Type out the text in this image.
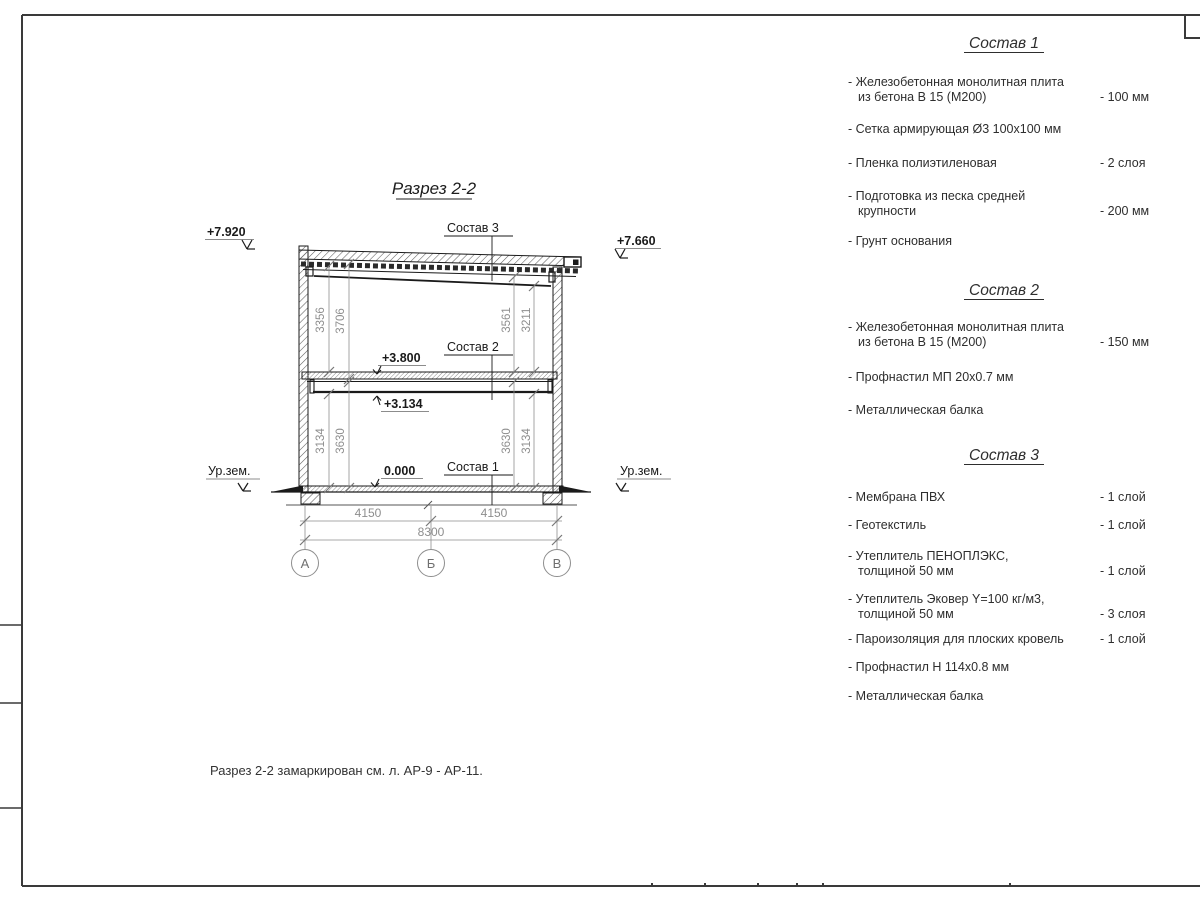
Разрез 2-2
3356 3706	3561 3211
3134 3630	3630 3134
4150	4150
8300
А	Б	В
+7.920
+7.660
+3.800
+3.134
0.000
Ур.зем.	Ур.зем.
Состав 3
Состав 2
Состав 1
Состав 1
- Железобетонная монолитная плита
из бетона В 15 (М200)	- 100 мм
- Сетка армирующая Ø3 100х100 мм
- Пленка полиэтиленовая	- 2 слоя
- Подготовка из песка средней
крупности	- 200 мм
- Грунт основания
Состав 2
- Железобетонная монолитная плита
из бетона В 15 (М200)	- 150 мм
- Профнастил МП 20х0.7 мм
- Металлическая балка
Состав 3
- Мембрана ПВХ	- 1 слой
- Геотекстиль	- 1 слой
- Утеплитель ПЕНОПЛЭКС,
толщиной 50 мм	- 1 слой
- Утеплитель Эковер Y=100 кг/м3,
толщиной 50 мм	- 3 слоя
- Пароизоляция для плоских кровель	- 1 слой
- Профнастил Н 114х0.8 мм
- Металлическая балка
Разрез 2-2 замаркирован см. л. АР-9 - АР-11.
